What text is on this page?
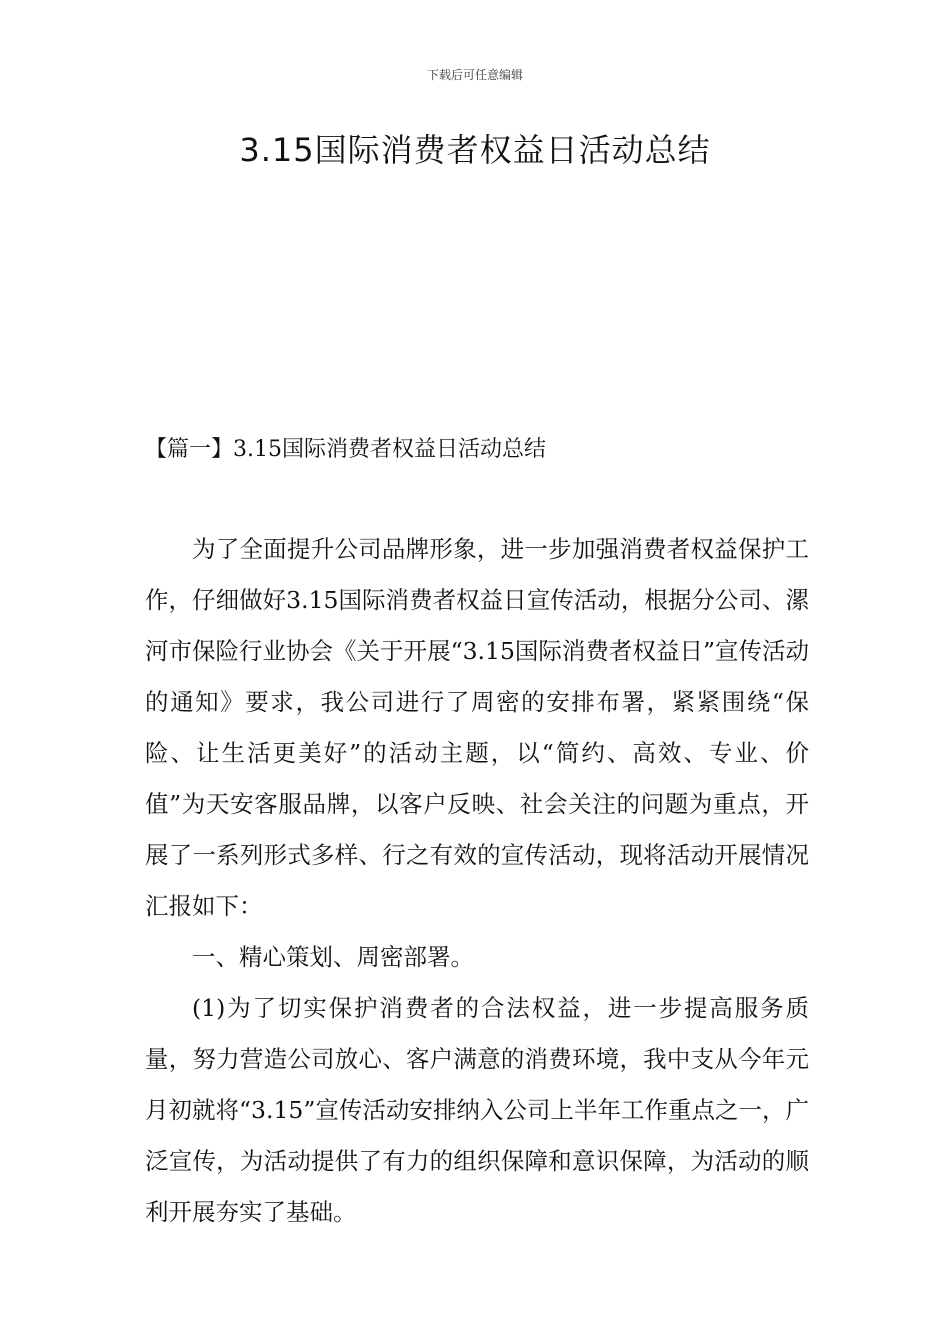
下载后可任意编辑
3.15国际消费者权益日活动总结
【篇一】3.15国际消费者权益日活动总结

为了全面提升公司品牌形象，进一步加强消费者权益保护工作，仔细做好3.15国际消费者权益日宣传活动，根据分公司、漯河市保险行业协会《关于开展“3.15国际消费者权益日”宣传活动的通知》要求，我公司进行了周密的安排布署，紧紧围绕“保险、让生活更美好”的活动主题，以“简约、高效、专业、价值”为天安客服品牌，以客户反映、社会关注的问题为重点，开展了一系列形式多样、行之有效的宣传活动，现将活动开展情况汇报如下：

一、精心策划、周密部署。

(1)为了切实保护消费者的合法权益，进一步提高服务质量，努力营造公司放心、客户满意的消费环境，我中支从今年元月初就将“3.15”宣传活动安排纳入公司上半年工作重点之一，广泛宣传，为活动提供了有力的组织保障和意识保障，为活动的顺利开展夯实了基础。
